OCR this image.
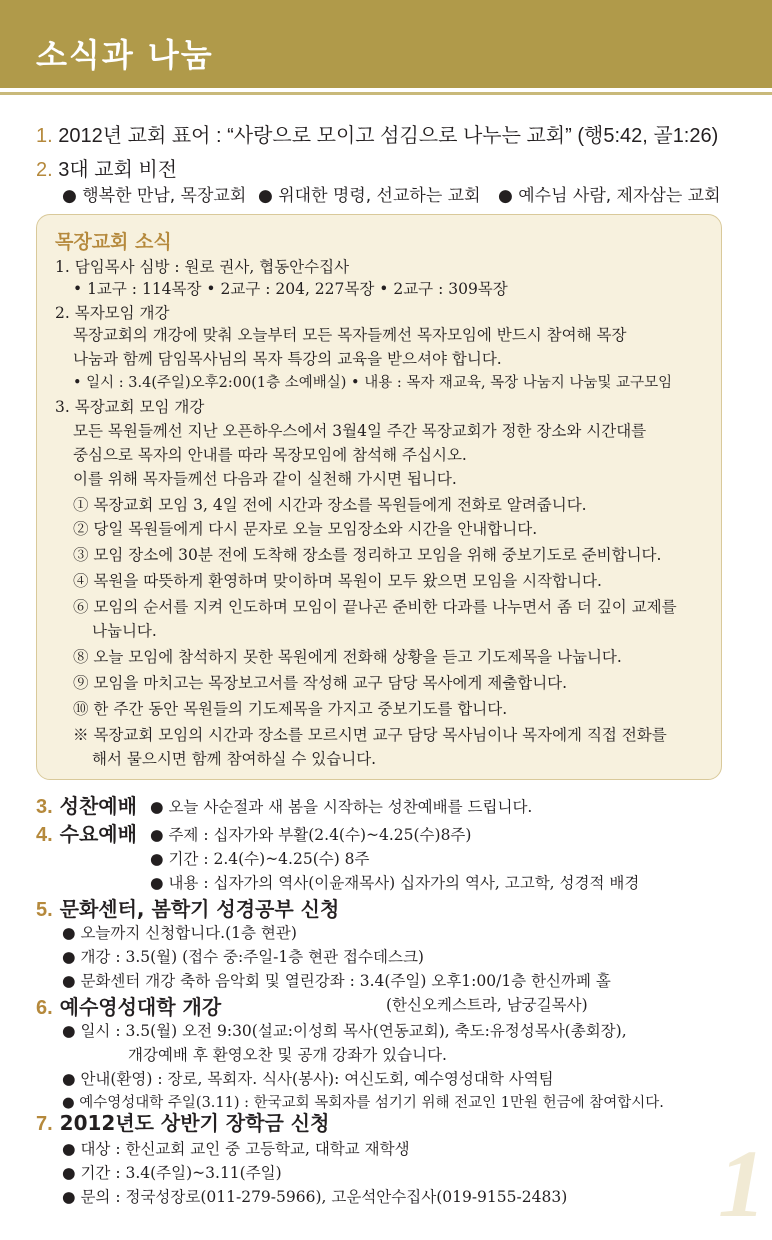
소식과 나눔
1. 2012년 교회 표어 : “사랑으로 모이고 섬김으로 나누는 교회” (행5:42, 골1:26)
2. 3대 교회 비전
● 행복한 만남, 목장교회 ● 위대한 명령, 선교하는 교회 ● 예수님 사람, 제자삼는 교회
목장교회 소식
1. 담임목사 심방 : 원로 권사, 협동안수집사
• 1교구 : 114목장 • 2교구 : 204, 227목장 • 2교구 : 309목장
2. 목자모임 개강
목장교회의 개강에 맞춰 오늘부터 모든 목자들께선 목자모임에 반드시 참여해 목장
나눔과 함께 담임목사님의 목자 특강의 교육을 받으셔야 합니다.
• 일시 : 3.4(주일)오후2:00(1층 소예배실) • 내용 : 목자 재교육, 목장 나눔지 나눔및 교구모임
3. 목장교회 모임 개강
모든 목원들께선 지난 오픈하우스에서 3월4일 주간 목장교회가 정한 장소와 시간대를
중심으로 목자의 안내를 따라 목장모임에 참석해 주십시오.
이를 위해 목자들께선 다음과 같이 실천해 가시면 됩니다.
① 목장교회 모임 3, 4일 전에 시간과 장소를 목원들에게 전화로 알려줍니다.
② 당일 목원들에게 다시 문자로 오늘 모임장소와 시간을 안내합니다.
③ 모임 장소에 30분 전에 도착해 장소를 정리하고 모임을 위해 중보기도로 준비합니다.
④ 목원을 따뜻하게 환영하며 맞이하며 목원이 모두 왔으면 모임을 시작합니다.
⑥ 모임의 순서를 지켜 인도하며 모임이 끝나곤 준비한 다과를 나누면서 좀 더 깊이 교제를
나눕니다.
⑧ 오늘 모임에 참석하지 못한 목원에게 전화해 상황을 듣고 기도제목을 나눕니다.
⑨ 모임을 마치고는 목장보고서를 작성해 교구 담당 목사에게 제출합니다.
⑩ 한 주간 동안 목원들의 기도제목을 가지고 중보기도를 합니다.
※ 목장교회 모임의 시간과 장소를 모르시면 교구 담당 목사님이나 목자에게 직접 전화를
해서 물으시면 함께 참여하실 수 있습니다.
3. 성찬예배 ● 오늘 사순절과 새 봄을 시작하는 성찬예배를 드립니다.
4. 수요예배 ● 주제 : 십자가와 부활(2.4(수)~4.25(수)8주)
● 기간 : 2.4(수)~4.25(수) 8주
● 내용 : 십자가의 역사(이윤재목사) 십자가의 역사, 고고학, 성경적 배경
5. 문화센터, 봄학기 성경공부 신청
● 오늘까지 신청합니다.(1층 현관)
● 개강 : 3.5(월) (접수 중:주일-1층 현관 접수데스크)
● 문화센터 개강 축하 음악회 및 열린강좌 : 3.4(주일) 오후1:00/1층 한신까페 홀
(한신오케스트라, 남궁길목사)
6. 예수영성대학 개강
● 일시 : 3.5(월) 오전 9:30(설교:이성희 목사(연동교회), 축도:유정성목사(총회장),
개강예배 후 환영오찬 및 공개 강좌가 있습니다.
● 안내(환영) : 장로, 목회자. 식사(봉사): 여신도회, 예수영성대학 사역팀
● 예수영성대학 주일(3.11) : 한국교회 목회자를 섬기기 위해 전교인 1만원 헌금에 참여합시다.
7. 2012년도 상반기 장학금 신청
● 대상 : 한신교회 교인 중 고등학교, 대학교 재학생
● 기간 : 3.4(주일)~3.11(주일)
● 문의 : 정국성장로(011-279-5966), 고운석안수집사(019-9155-2483) 1
